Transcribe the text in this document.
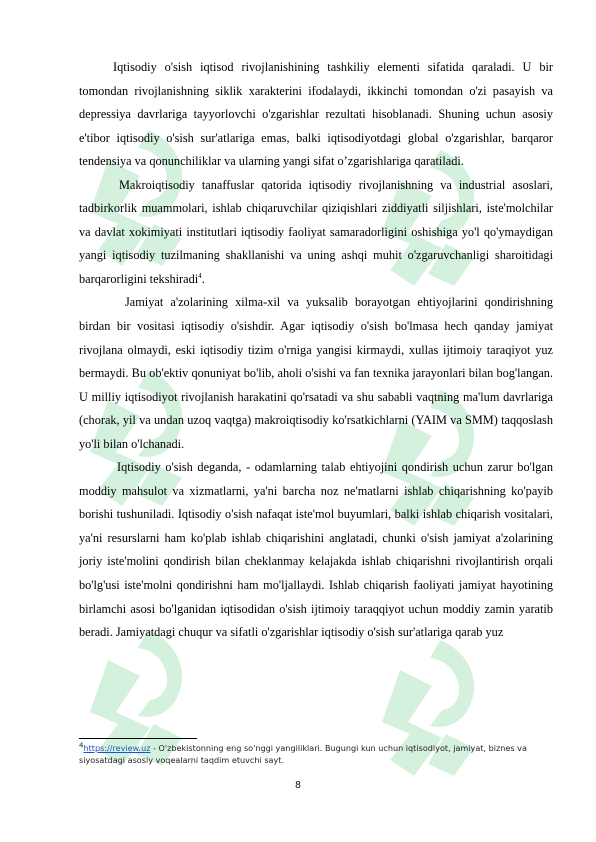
Iqtisodiy o'sish iqtisod rivojlanishining tashkiliy elementi sifatida qaraladi. U bir tomondan rivojlanishning siklik xarakterini ifodalaydi, ikkinchi tomondan o'zi pasayish va depressiya davrlariga tayyorlovchi o'zgarishlar rezultati hisoblanadi. Shuning uchun asosiy e'tibor iqtisodiy o'sish sur'atlariga emas, balki iqtisodiyotdagi global o'zgarishlar, barqaror tendensiya va qonunchiliklar va ularning yangi sifat o’zgarishlariga qaratiladi.

Makroiqtisodiy tanaffuslar qatorida iqtisodiy rivojlanishning va industrial asoslari, tadbirkorlik muammolari, ishlab chiqaruvchilar qiziqishlari ziddiyatli siljishlari, iste'molchilar va davlat xokimiyati institutlari iqtisodiy faoliyat samaradorligini oshishiga yo'l qo'ymaydigan yangi iqtisodiy tuzilmaning shakllanishi va uning ashqi muhit o'zgaruvchanligi sharoitidagi barqarorligini tekshiradi$^4$.

Jamiyat a'zolarining xilma-xil va yuksalib borayotgan ehtiyojlarini qondirishning birdan bir vositasi iqtisodiy o'sishdir. Agar iqtisodiy o'sish bo'lmasa hech qanday jamiyat rivojlana olmaydi, eski iqtisodiy tizim o'rniga yangisi kirmaydi, xullas ijtimoiy taraqiyot yuz bermaydi. Bu ob'ektiv qonuniyat bo'lib, aholi o'sishi va fan texnika jarayonlari bilan bog'langan. U milliy iqtisodiyot rivojlanish harakatini qo'rsatadi va shu sababli vaqtning ma'lum davrlariga (chorak, yil va undan uzoq vaqtga) makroiqtisodiy ko'rsatkichlarni (YAIM va SMM) taqqoslash yo'li bilan o'lchanadi.

Iqtisodiy o'sish deganda, - odamlarning talab ehtiyojini qondirish uchun zarur bo'lgan moddiy mahsulot va xizmatlarni, ya'ni barcha noz ne'matlarni ishlab chiqarishning ko'payib borishi tushuniladi. Iqtisodiy o'sish nafaqat iste'mol buyumlari, balki ishlab chiqarish vositalari, ya'ni resurslarni ham ko'plab ishlab chiqarishini anglatadi, chunki o'sish jamiyat a'zolarining joriy iste'molini qondirish bilan cheklanmay kelajakda ishlab chiqarishni rivojlantirish orqali bo'lg'usi iste'molni qondirishni ham mo'ljallaydi. Ishlab chiqarish faoliyati jamiyat hayotining birlamchi asosi bo'lganidan iqtisodidan o'sish ijtimoiy taraqqiyot uchun moddiy zamin yaratib beradi. Jamiyatdagi chuqur va sifatli o'zgarishlar iqtisodiy o'sish sur'atlariga qarab yuz

$^4$https://review.uz - O'zbekistonning eng so'nggi yangiliklari. Bugungi kun uchun iqtisodiyot, jamiyat, biznes va siyosatdagi asosiy voqealarni taqdim etuvchi sayt.
8
